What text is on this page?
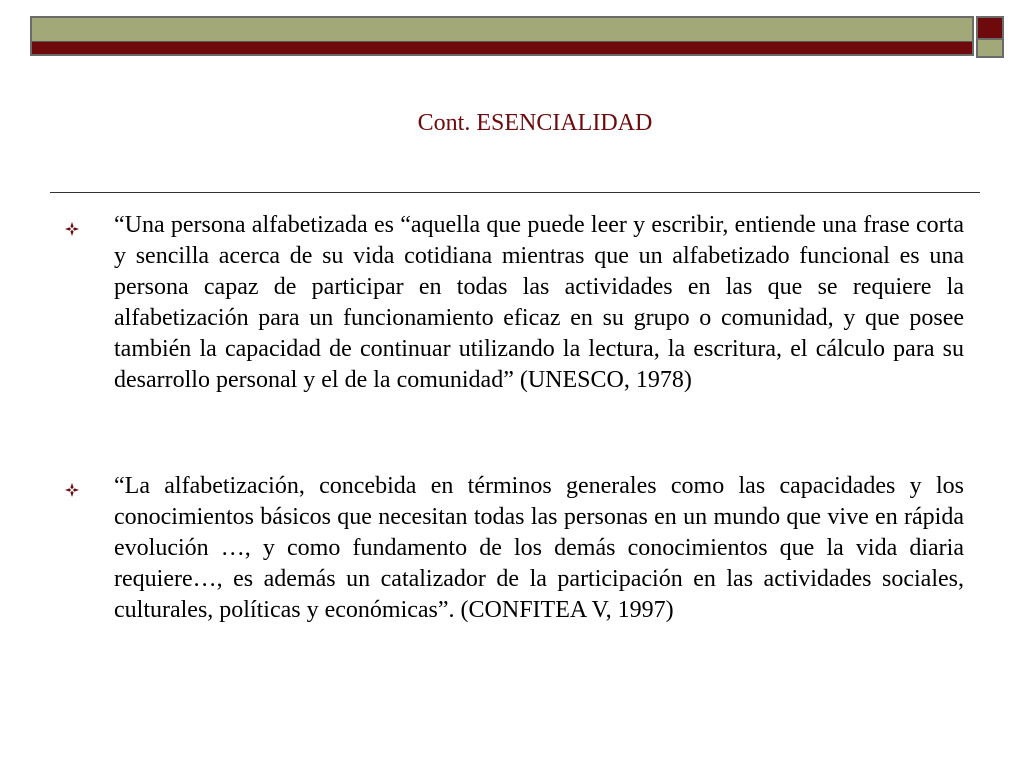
Cont. ESENCIALIDAD
“Una persona alfabetizada es “aquella que puede leer y escribir, entiende una frase corta y sencilla acerca de su vida cotidiana mientras que un alfabetizado funcional es una persona capaz de participar en todas las actividades en las que se requiere la alfabetización para un funcionamiento eficaz en su grupo o comunidad, y que posee también la capacidad de continuar utilizando la lectura, la escritura, el cálculo para su desarrollo personal y el de la comunidad” (UNESCO, 1978)
“La alfabetización, concebida en términos generales como las capacidades y los conocimientos básicos que necesitan todas las personas en un mundo que vive en rápida evolución …, y como fundamento de los demás conocimientos que la vida diaria requiere…, es además un catalizador de la participación en las actividades sociales, culturales, políticas y económicas”. (CONFITEA V, 1997)
